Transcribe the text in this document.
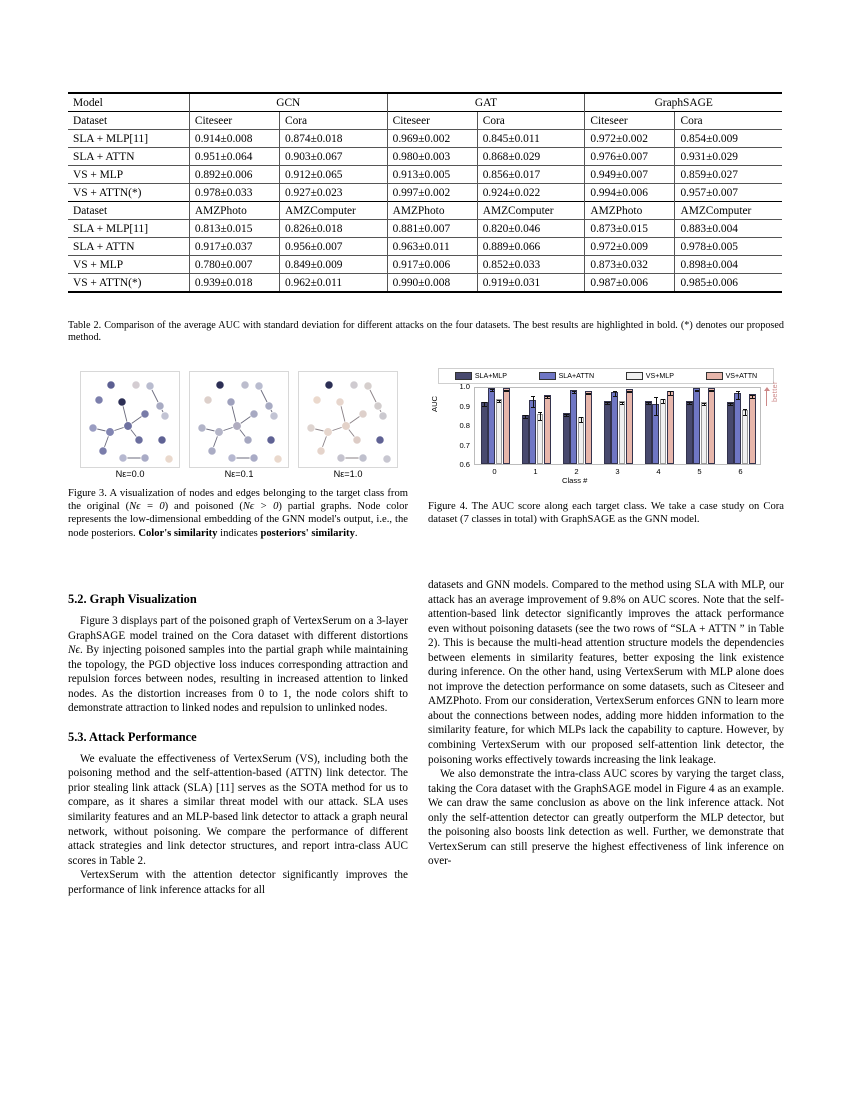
Model	GCN		GAT		GraphSAGE	
Dataset	Citeseer	Cora	Citeseer	Cora	Citeseer	Cora
SLA + MLP[11]	0.914±0.008	0.874±0.018	0.969±0.002	0.845±0.011	0.972±0.002	0.854±0.009
SLA + ATTN	0.951±0.064	0.903±0.067	0.980±0.003	0.868±0.029	0.976±0.007	0.931±0.029
VS + MLP	0.892±0.006	0.912±0.065	0.913±0.005	0.856±0.017	0.949±0.007	0.859±0.027
VS + ATTN(*)	0.978±0.033	0.927±0.023	0.997±0.002	0.924±0.022	0.994±0.006	0.957±0.007
Dataset	AMZPhoto	AMZComputer	AMZPhoto	AMZComputer	AMZPhoto	AMZComputer
SLA + MLP[11]	0.813±0.015	0.826±0.018	0.881±0.007	0.820±0.046	0.873±0.015	0.883±0.004
SLA + ATTN	0.917±0.037	0.956±0.007	0.963±0.011	0.889±0.066	0.972±0.009	0.978±0.005
VS + MLP	0.780±0.007	0.849±0.009	0.917±0.006	0.852±0.033	0.873±0.032	0.898±0.004
VS + ATTN(*)	0.939±0.018	0.962±0.011	0.990±0.008	0.919±0.031	0.987±0.006	0.985±0.006
Table 2. Comparison of the average AUC with standard deviation for different attacks on the four datasets. The best results are highlighted in bold. (*) denotes our proposed method.
Nε=0.0	Nε=0.1	Nε=1.0
Figure 3. A visualization of nodes and edges belonging to the target class from the original (Nϵ = 0) and poisoned (Nϵ > 0) partial graphs. Node color represents the low-dimensional embedding of the GNN model's output, i.e., the node posteriors. Color's similarity indicates posteriors' similarity.
SLA+MLP	SLA+ATTN	VS+MLP	VS+ATTN
AUC
0.6
0.7
0.8
0.9
1.0
0	1	2	3	4	5	6
Class #
better
Figure 4. The AUC score along each target class. We take a case study on Cora dataset (7 classes in total) with GraphSAGE as the GNN model.
5.2. Graph Visualization

Figure 3 displays part of the poisoned graph of VertexSerum on a 3-layer GraphSAGE model trained on the Cora dataset with different distortions Nϵ. By injecting poisoned samples into the partial graph while maintaining the topology, the PGD objective loss induces corresponding attraction and repulsion forces between nodes, resulting in increased attention to linked nodes. As the distortion increases from 0 to 1, the node colors shift to demonstrate attraction to linked nodes and repulsion to unlinked nodes.

5.3. Attack Performance

We evaluate the effectiveness of VertexSerum (VS), including both the poisoning method and the self-attention-based (ATTN) link detector. The prior stealing link attack (SLA) [11] serves as the SOTA method for us to compare, as it shares a similar threat model with our attack. SLA uses similarity features and an MLP-based link detector to attack a graph neural network, without poisoning. We compare the performance of different attack strategies and link detector structures, and report intra-class AUC scores in Table 2.

VertexSerum with the attention detector significantly improves the performance of link inference attacks for all

datasets and GNN models. Compared to the method using SLA with MLP, our attack has an average improvement of 9.8% on AUC scores. Note that the self-attention-based link detector significantly improves the attack performance even without poisoning datasets (see the two rows of “SLA + ATTN ” in Table 2). This is because the multi-head attention structure models the dependencies between elements in similarity features, better exposing the link existence during inference. On the other hand, using VertexSerum with MLP alone does not improve the detection performance on some datasets, such as Citeseer and AMZPhoto. From our consideration, VertexSerum enforces GNN to learn more about the connections between nodes, adding more hidden information to the similarity feature, for which MLPs lack the capability to capture. However, by combining VertexSerum with our proposed self-attention link detector, the poisoning works effectively towards increasing the link leakage.

We also demonstrate the intra-class AUC scores by varying the target class, taking the Cora dataset with the GraphSAGE model in Figure 4 as an example. We can draw the same conclusion as above on the link inference attack. Not only the self-attention detector can greatly outperform the MLP detector, but the poisoning also boosts link detection as well. Further, we demonstrate that VertexSerum can still preserve the highest effectiveness of link inference on over-
